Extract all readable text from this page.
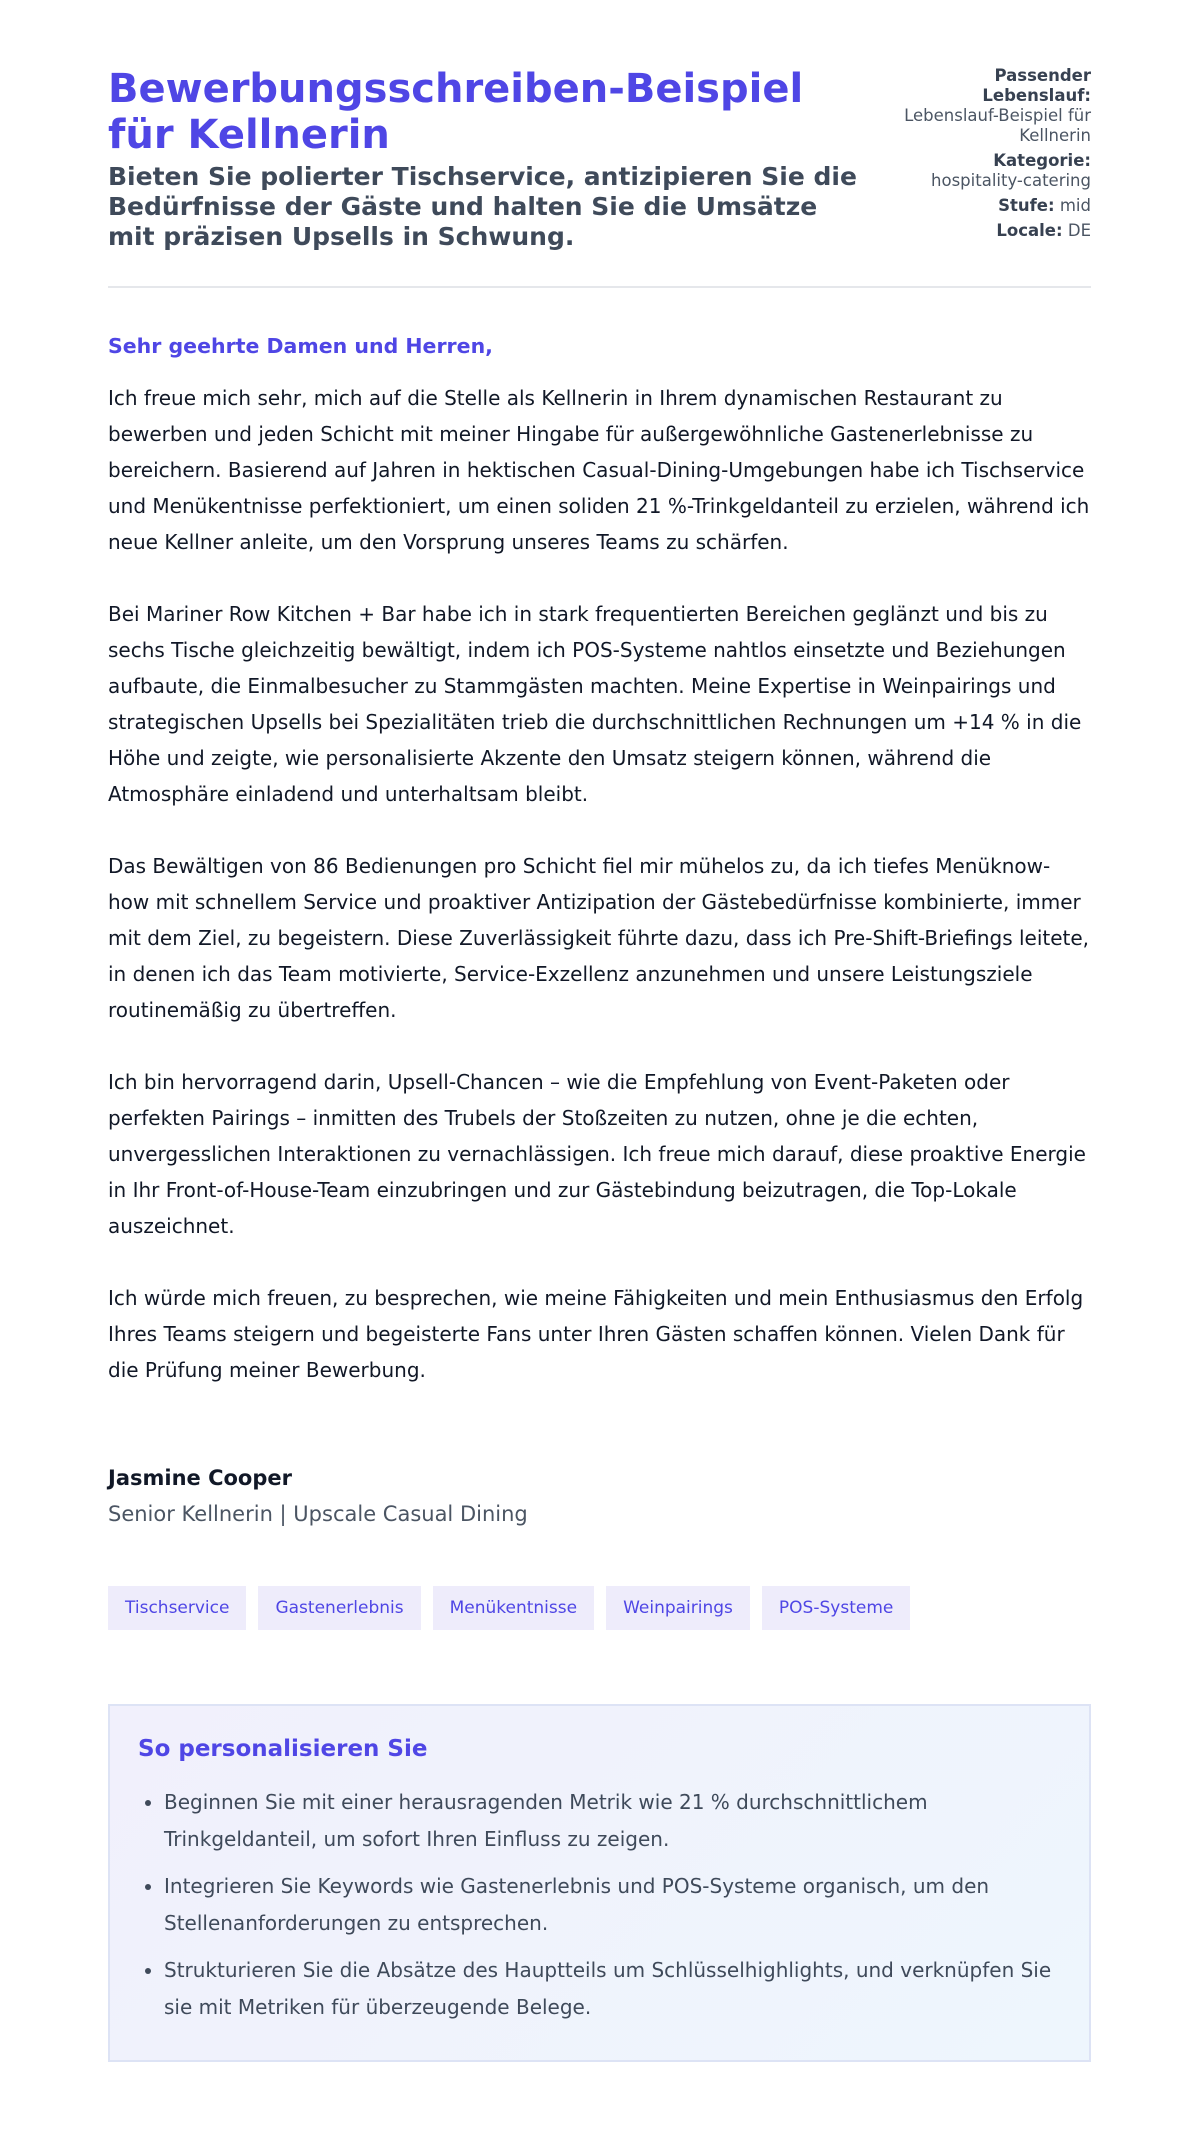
Bewerbungsschreiben-Beispiel für Kellnerin

Bieten Sie polierter Tischservice, antizipieren Sie die Bedürfnisse der Gäste und halten Sie die Umsätze mit präzisen Upsells in Schwung.

Passender Lebenslauf:
Lebenslauf-Beispiel für Kellnerin
Kategorie:
hospitality-catering
Stufe: mid
Locale: DE
Sehr geehrte Damen und Herren,

Ich freue mich sehr, mich auf die Stelle als Kellnerin in Ihrem dynamischen Restaurant zu bewerben und jeden Schicht mit meiner Hingabe für außergewöhnliche Gastenerlebnisse zu bereichern. Basierend auf Jahren in hektischen Casual-Dining-Umgebungen habe ich Tischservice und Menükentnisse perfektioniert, um einen soliden 21 %-Trinkgeldanteil zu erzielen, während ich neue Kellner anleite, um den Vorsprung unseres Teams zu schärfen.

Bei Mariner Row Kitchen + Bar habe ich in stark frequentierten Bereichen geglänzt und bis zu sechs Tische gleichzeitig bewältigt, indem ich POS-Systeme nahtlos einsetzte und Beziehungen aufbaute, die Einmalbesucher zu Stammgästen machten. Meine Expertise in Weinpairings und strategischen Upsells bei Spezialitäten trieb die durchschnittlichen Rechnungen um +14 % in die Höhe und zeigte, wie personalisierte Akzente den Umsatz steigern können, während die Atmosphäre einladend und unterhaltsam bleibt.

Das Bewältigen von 86 Bedienungen pro Schicht fiel mir mühelos zu, da ich tiefes Menüknow-how mit schnellem Service und proaktiver Antizipation der Gästebedürfnisse kombinierte, immer mit dem Ziel, zu begeistern. Diese Zuverlässigkeit führte dazu, dass ich Pre-Shift-Briefings leitete, in denen ich das Team motivierte, Service-Exzellenz anzunehmen und unsere Leistungsziele routinemäßig zu übertreffen.

Ich bin hervorragend darin, Upsell-Chancen – wie die Empfehlung von Event-Paketen oder perfekten Pairings – inmitten des Trubels der Stoßzeiten zu nutzen, ohne je die echten, unvergesslichen Interaktionen zu vernachlässigen. Ich freue mich darauf, diese proaktive Energie in Ihr Front-of-House-Team einzubringen und zur Gästebindung beizutragen, die Top-Lokale auszeichnet.

Ich würde mich freuen, zu besprechen, wie meine Fähigkeiten und mein Enthusiasmus den Erfolg Ihres Teams steigern und begeisterte Fans unter Ihren Gästen schaffen können. Vielen Dank für die Prüfung meiner Bewerbung.

Jasmine Cooper
Senior Kellnerin | Upscale Casual Dining
Tischservice	Gastenerlebnis	Menükentnisse	Weinpairings	POS-Systeme
So personalisieren Sie
• Beginnen Sie mit einer herausragenden Metrik wie 21 % durchschnittlichem Trinkgeldanteil, um sofort Ihren Einfluss zu zeigen.
• Integrieren Sie Keywords wie Gastenerlebnis und POS-Systeme organisch, um den Stellenanforderungen zu entsprechen.
• Strukturieren Sie die Absätze des Hauptteils um Schlüsselhighlights, und verknüpfen Sie sie mit Metriken für überzeugende Belege.
